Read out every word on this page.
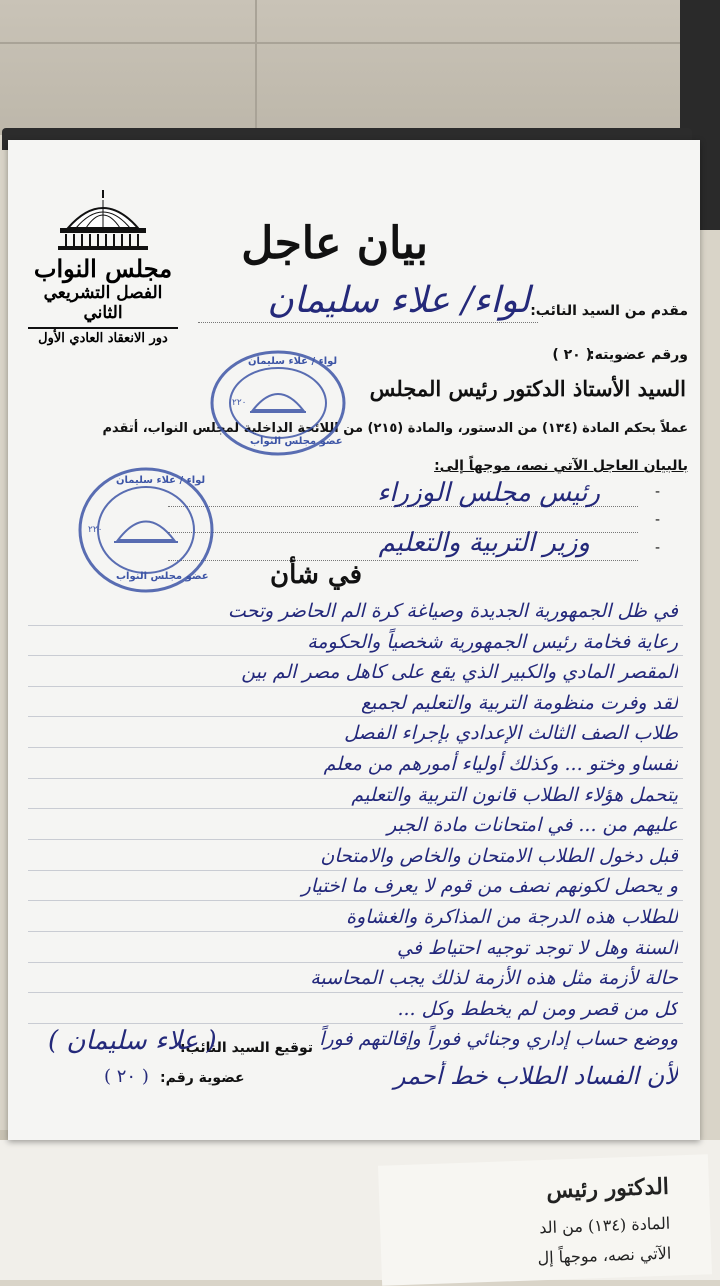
الدكتور رئيس
المادة (١٣٤) من الد
الآتي نصه، موجهاً إل
مجلس النواب
الفصل التشريعي الثاني
دور الانعقاد العادي الأول
بيان عاجل
مقدم من السيد النائب:
لواء/ علاء سليمان
ورقم عضويته:
( ٢٠ )
السيد الأستاذ الدكتور رئيس المجلس
عملاً بحكم المادة (١٣٤) من الدستور، والمادة (٢١٥) من اللائحة الداخلية لمجلس النواب، أتقدم
بالبيان العاجل الآتي نصه، موجهاً إلى:
-
رئيس مجلس الوزراء
-
-
وزير التربية والتعليم
في شأن
في ظل الجمهورية الجديدة وصياغة كرة الم الحاضر وتحت
رعاية فخامة رئيس الجمهورية شخصياً والحكومة
المقصر المادي والكبير الذي يقع على كاهل مصر الم بين
لقد وفرت منظومة التربية والتعليم لجميع
طلاب الصف الثالث الإعدادي بإجراء الفصل
نفساو وختو ... وكذلك أولياء أمورهم من معلم
يتحمل هؤلاء الطلاب قانون التربية والتعليم
عليهم من ... في امتحانات مادة الجبر
قبل دخول الطلاب الامتحان والخاص والامتحان
و يحصل لكونهم نصف من قوم لا يعرف ما اختيار
للطلاب هذه الدرجة من المذاكرة والغشاوة
السنة وهل لا توجد توجيه احتياط في
حالة لأزمة مثل هذه الأزمة لذلك يجب المحاسبة
كل من قصر ومن لم يخطط وكل ...
ووضع حساب إداري وجنائي فوراً وإقالتهم فوراً
لأن الفساد الطلاب خط أحمر
توقيع السيد النائب:
( علاء سليمان )
عضوية رقم:
( ٢٠ )
لواء / علاء سليمان
عضو مجلس النواب
٢٢٠
لواء / علاء سليمان
عضو مجلس النواب
٢٢٠
